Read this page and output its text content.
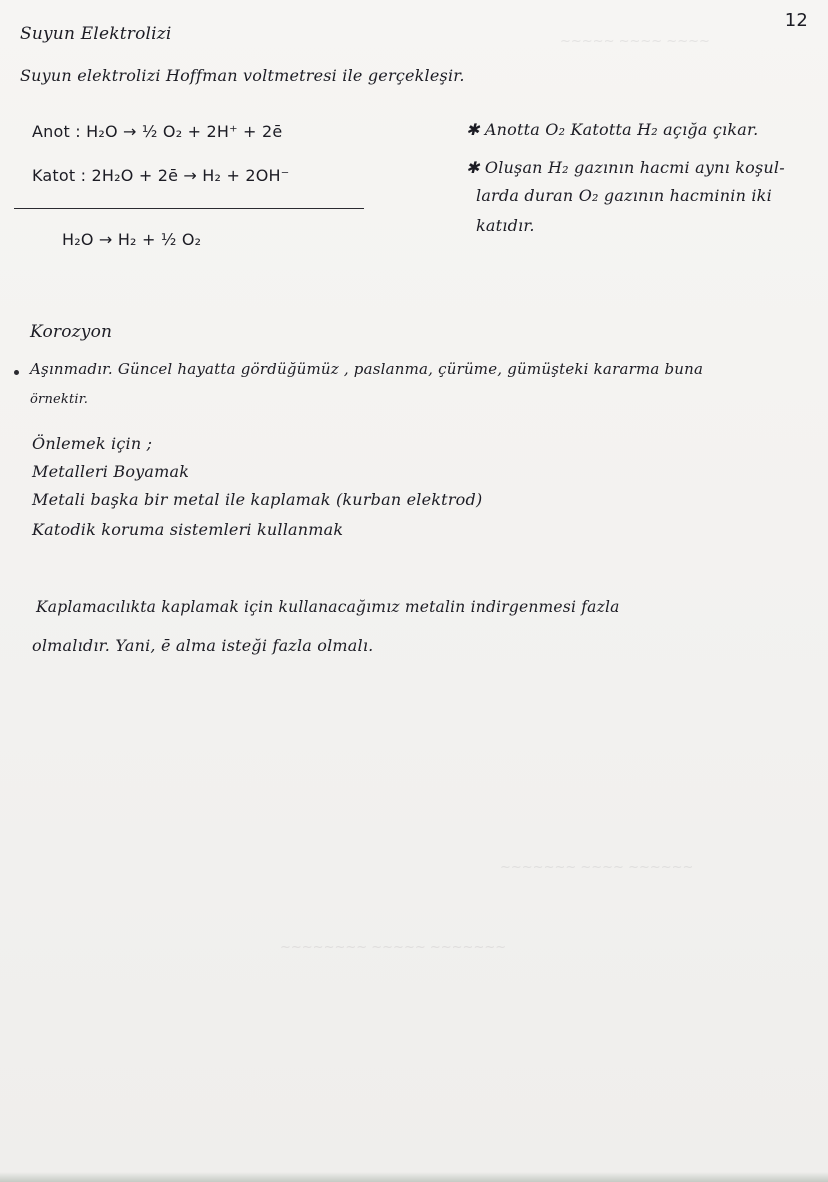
12
Suyun Elektrolizi
Suyun elektrolizi Hoffman voltmetresi ile gerçekleşir.
Anot : H₂O → ½ O₂ + 2H⁺ + 2ē
Katot : 2H₂O + 2ē → H₂ + 2OH⁻
H₂O → H₂ + ½ O₂
✱ Anotta O₂ Katotta H₂ açığa çıkar.
✱ Oluşan H₂ gazının hacmi aynı koşul-
larda duran O₂ gazının hacminin iki
katıdır.
Korozyon
Aşınmadır. Güncel hayatta gördüğümüz , paslanma, çürüme, gümüşteki kararma buna
örnektir.
Önlemek için ;
Metalleri Boyamak
Metali başka bir metal ile kaplamak (kurban elektrod)
Katodik koruma sistemleri kullanmak
Kaplamacılıkta kaplamak için kullanacağımız metalin indirgenmesi fazla
olmalıdır. Yani, ē alma isteği fazla olmalı.
~~~~~ ~~~~ ~~~~
~~~~~~~ ~~~~ ~~~~~~
~~~~~~~~ ~~~~~ ~~~~~~~
